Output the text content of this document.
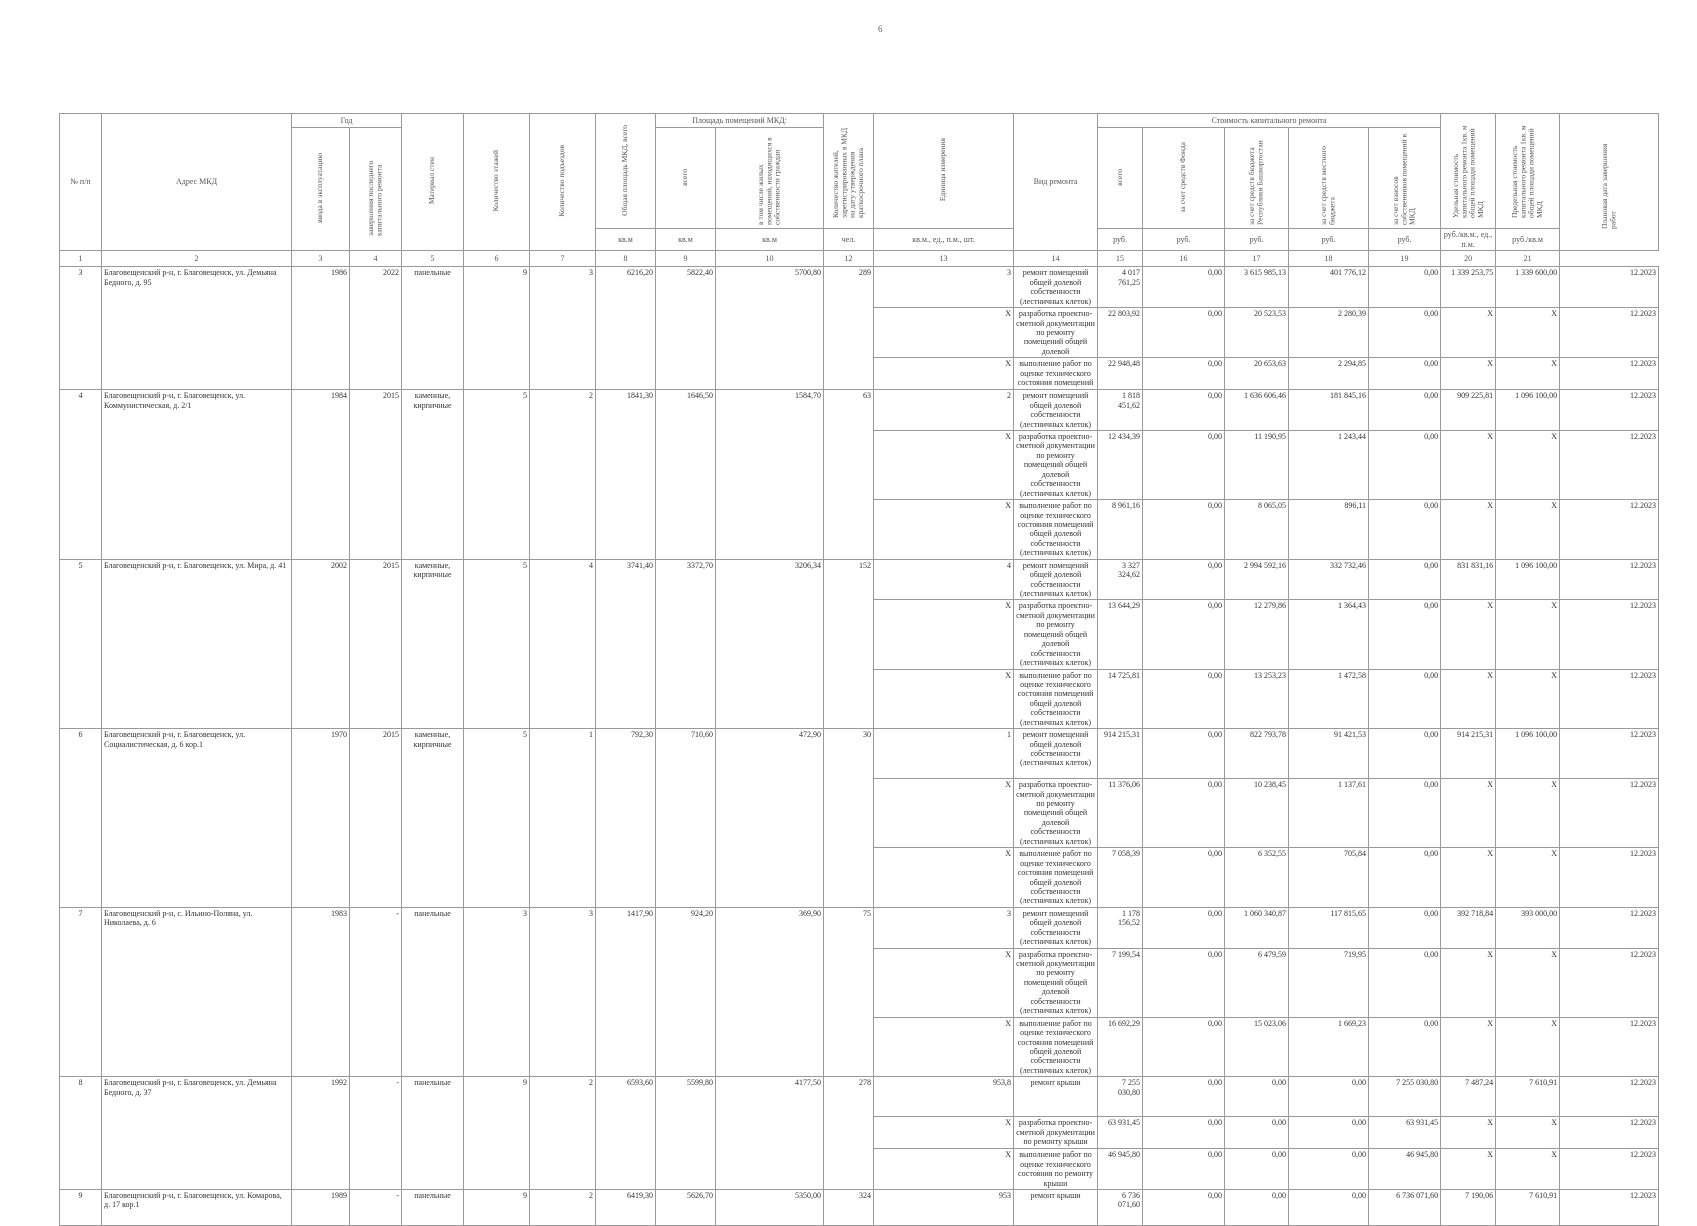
6
№ п/п	Адрес МКД	Год		Материал стен	Количество этажей	Количество подъездов	Общая площадь МКД, всего	Площадь помещений МКД:		Количество жителей, зарегистрированных в МКД на дату утверждения краткосрочного плана	Единица измерения	Вид ремонта	Стоимость капитального ремонта					Удельная стоимость капитального ремонта 1кв. м общей площади помещений МКД	Предельная стоимость капитального ремонта 1кв. м общей площади помещений МКД	Плановая дата завершения работ
		ввода в эксплуатацию	завершения последнего капитального ремонта					всего	в том числе жилых помещений, находящихся в собственности граждан				всего	за счет средств Фонда	за счет средств бюджета Республики Башкортостан	за счет средств местного бюджета	за счет взносов собственников помещений в МКД			
							кв.м	кв.м	кв.м	чел.	кв.м., ед., п.м., шт.		руб.	руб.	руб.	руб.	руб.	руб./кв.м., ед., п.м.	руб./кв.м	
1	2	3	4	5	6	7	8	9	10	12	13	14	15	16	17	18	19	20	21	
3	Благовещенский р-н, г. Благовещенск, ул. Демьяна Бедного, д. 95	1986	2022	панельные	9	3	6216,20	5822,40	5700,80	289	3	ремонт помещений общей долевой собственности (лестничных клеток)	4 017 761,25	0,00	3 615 985,13	401 776,12	0,00	1 339 253,75	1 339 600,00	12.2023
											Х	разработка проектно-сметной документации по ремонту помещений общей долевой	22 803,92	0,00	20 523,53	2 280,39	0,00	Х	Х	12.2023
											Х	выполнение работ по оценке технического состояния помещений	22 948,48	0,00	20 653,63	2 294,85	0,00	Х	Х	12.2023
4	Благовещенский р-н, г. Благовещенск, ул. Коммунистическая, д. 2/1	1984	2015	каменные, кирпичные	5	2	1841,30	1646,50	1584,70	63	2	ремонт помещений общей долевой собственности (лестничных клеток)	1 818 451,62	0,00	1 636 606,46	181 845,16	0,00	909 225,81	1 096 100,00	12.2023
											Х	разработка проектно-сметной документации по ремонту помещений общей долевой собственности (лестничных клеток)	12 434,39	0,00	11 190,95	1 243,44	0,00	Х	Х	12.2023
											Х	выполнение работ по оценке технического состояния помещений общей долевой собственности (лестничных клеток)	8 961,16	0,00	8 065,05	896,11	0,00	Х	Х	12.2023
5	Благовещенский р-н, г. Благовещенск, ул. Мира, д. 41	2002	2015	каменные, кирпичные	5	4	3741,40	3372,70	3206,34	152	4	ремонт помещений общей долевой собственности (лестничных клеток)	3 327 324,62	0,00	2 994 592,16	332 732,46	0,00	831 831,16	1 096 100,00	12.2023
											Х	разработка проектно-сметной документации по ремонту помещений общей долевой собственности (лестничных клеток)	13 644,29	0,00	12 279,86	1 364,43	0,00	Х	Х	12.2023
											Х	выполнение работ по оценке технического состояния помещений общей долевой собственности (лестничных клеток)	14 725,81	0,00	13 253,23	1 472,58	0,00	Х	Х	12.2023
6	Благовещенский р-н, г. Благовещенск, ул. Социалистическая, д. 6 кор.1	1970	2015	каменные, кирпичные	5	1	792,30	710,60	472,90	30	1	ремонт помещений общей долевой собственности (лестничных клеток)	914 215,31	0,00	822 793,78	91 421,53	0,00	914 215,31	1 096 100,00	12.2023
											Х	разработка проектно-сметной документации по ремонту помещений общей долевой собственности (лестничных клеток)	11 376,06	0,00	10 238,45	1 137,61	0,00	Х	Х	12.2023
											Х	выполнение работ по оценке технического состояния помещений общей долевой собственности (лестничных клеток)	7 058,39	0,00	6 352,55	705,84	0,00	Х	Х	12.2023
7	Благовещенский р-н, с. Ильино-Поляна, ул. Николаева, д. 6	1983	-	панельные	3	3	1417,90	924,20	369,90	75	3	ремонт помещений общей долевой собственности (лестничных клеток)	1 178 156,52	0,00	1 060 340,87	117 815,65	0,00	392 718,84	393 000,00	12.2023
											Х	разработка проектно-сметной документации по ремонту помещений общей долевой собственности (лестничных клеток)	7 199,54	0,00	6 479,59	719,95	0,00	Х	Х	12.2023
											Х	выполнение работ по оценке технического состояния помещений общей долевой собственности (лестничных клеток)	16 692,29	0,00	15 023,06	1 669,23	0,00	Х	Х	12.2023
8	Благовещенский р-н, г. Благовещенск, ул. Демьяна Бедного, д. 37	1992	-	панельные	9	2	6593,60	5599,80	4177,50	278	953,8	ремонт крыши	7 255 030,80	0,00	0,00	0,00	7 255 030,80	7 487,24	7 610,91	12.2023
											Х	разработка проектно-сметной документации по ремонту крыши	63 931,45	0,00	0,00	0,00	63 931,45	Х	Х	12.2023
											Х	выполнение работ по оценке технического состояния по ремонту крыши	46 945,80	0,00	0,00	0,00	46 945,80	Х	Х	12.2023
9	Благовещенский р-н, г. Благовещенск, ул. Комарова, д. 17 кор.1	1989	-	панельные	9	2	6419,30	5626,70	5350,00	324	953	ремонт крыши	6 736 071,60	0,00	0,00	0,00	6 736 071,60	7 190,06	7 610,91	12.2023
